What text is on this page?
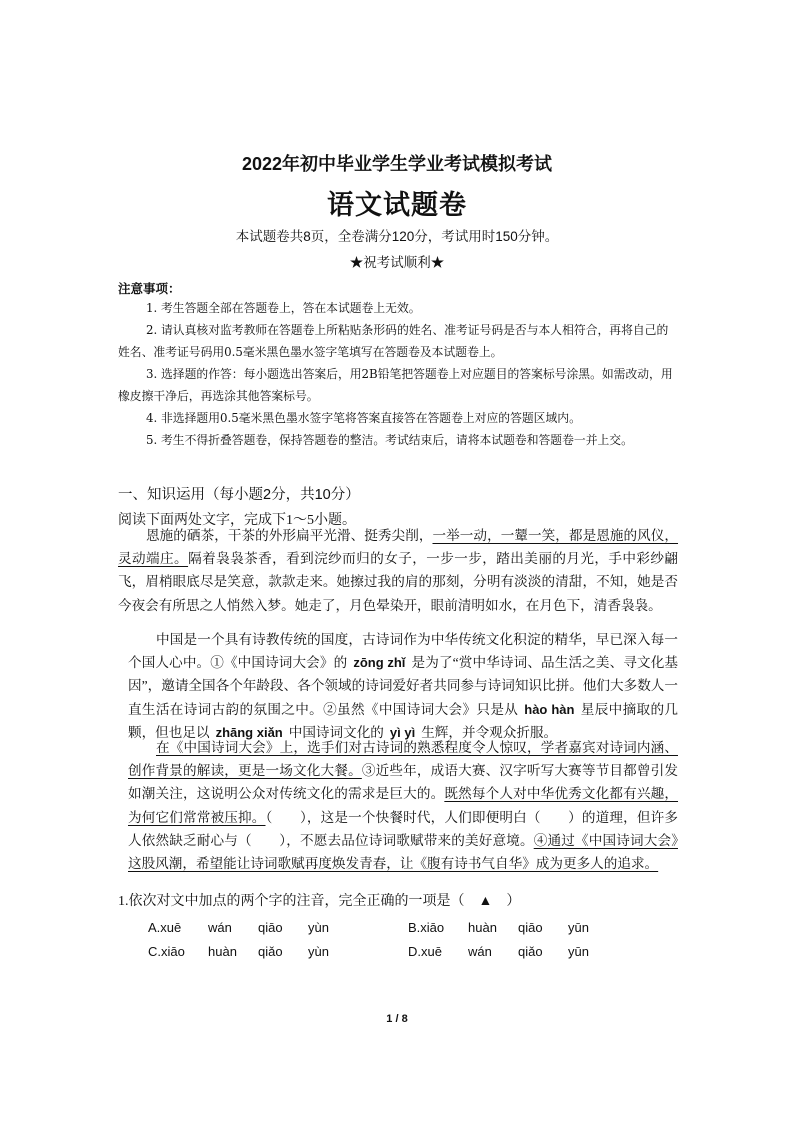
2022年初中毕业学生学业考试模拟考试
语文试题卷
本试题卷共8页，全卷满分120分，考试用时150分钟。
★祝考试顺利★
注意事项：
1. 考生答题全部在答题卷上，答在本试题卷上无效。
2. 请认真核对监考教师在答题卷上所粘贴条形码的姓名、准考证号码是否与本人相符合，再将自己的姓名、准考证号码用0.5毫米黑色墨水签字笔填写在答题卷及本试题卷上。
3. 选择题的作答：每小题选出答案后，用2B铅笔把答题卷上对应题目的答案标号涂黑。如需改动，用橡皮擦干净后，再选涂其他答案标号。
4. 非选择题用0.5毫米黑色墨水签字笔将答案直接答在答题卷上对应的答题区域内。
5. 考生不得折叠答题卷，保持答题卷的整洁。考试结束后，请将本试题卷和答题卷一并上交。
一、知识运用（每小题2分，共10分）
阅读下面两处文字，完成下1～5小题。
恩施的硒茶，干茶的外形扁平光滑、挺秀尖削，一举一动，一颦一笑，都是恩施的风仪，灵动端庄。隔着袅袅茶香，看到浣纱而归的女子，一步一步，踏出美丽的月光，手中彩纱翩飞，眉梢眼底尽是笑意，款款走来。她擦过我的肩的那刻，分明有淡淡的清甜，不知，她是否今夜会有所思之人悄然入梦。她走了，月色晕染开，眼前清明如水，在月色下，清香袅袅。
中国是一个具有诗教传统的国度，古诗词作为中华传统文化积淀的精华，早已深入每一个国人心中。①《中国诗词大会》的 zōng zhǐ 是为了“赏中华诗词、品生活之美、寻文化基因”，邀请全国各个年龄段、各个领域的诗词爱好者共同参与诗词知识比拼。他们大多数人一直生活在诗词古韵的氛围之中。②虽然《中国诗词大会》只是从 hào hàn 星辰中摘取的几颗，但也足以 zhāng xiǎn 中国诗词文化的 yì yì 生辉，并令观众折服。
在《中国诗词大会》上，选手们对古诗词的熟悉程度令人惊叹，学者嘉宾对诗词内涵、创作背景的解读，更是一场文化大餐。③近些年，成语大赛、汉字听写大赛等节目都曾引发如潮关注，这说明公众对传统文化的需求是巨大的。既然每个人对中华优秀文化都有兴趣，为何它们常常被压抑。（　　），这是一个快餐时代，人们即便明白（　　）的道理，但许多人依然缺乏耐心与（　　），不愿去品位诗词歌赋带来的美好意境。④通过《中国诗词大会》这股风潮，希望能让诗词歌赋再度焕发青春，让《腹有诗书气自华》成为更多人的追求。
1.依次对文中加点的两个字的注音，完全正确的一项是（　▲　）
A.xuē	wán	qiāo	yùn	B.xiāo	huàn	qiāo	yūn
C.xiāo	huàn	qiǎo	yùn	D.xuē	wán	qiǎo	yūn
1 / 8
